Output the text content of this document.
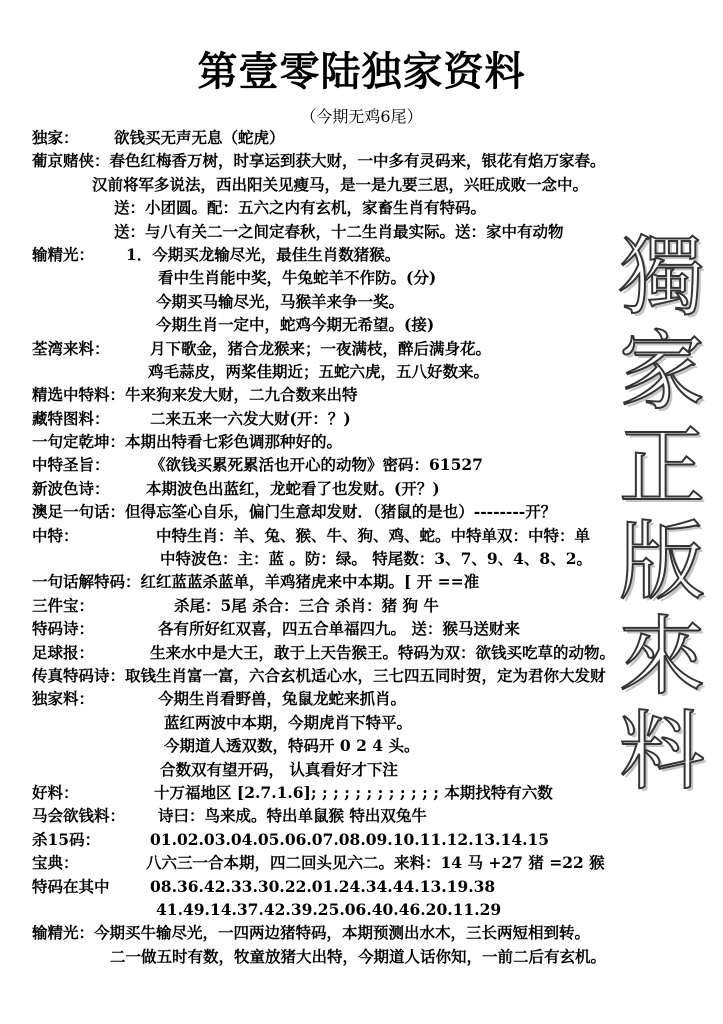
第壹零陆独家资料
（今期无鸡6尾）
独家：	欲钱买无声无息（蛇虎）
葡京赌侠： 春色红梅香万树，时享运到获大财，一中多有灵码来，银花有焰万家春。
汉前将军多说法，西出阳关见瘦马，是一是九要三思，兴旺成败一念中。
送：小团圆。配：五六之内有玄机，家畜生肖有特码。
送：与八有关二一之间定春秋，十二生肖最实际。送：家中有动物
输精光：	1．今期买龙输尽光，最佳生肖数猪猴。
看中生肖能中奖，牛兔蛇羊不作防。(分)
今期买马输尽光，马猴羊来争一奖。
今期生肖一定中，蛇鸡今期无希望。(接)
荃湾来料：	月下歌金，猪合龙猴来；一夜满枝，醉后满身花。
鸡毛蒜皮，两桨佳期近；五蛇六虎，五八好数来。
精选中特料： 牛来狗来发大财，二九合数来出特
藏特图料：	二来五来一六发大财(开：？)
一句定乾坤： 本期出特看七彩色调那种好的。
中特圣旨：	《欲钱买累死累活也开心的动物》密码：61527
新波色诗：	本期波色出蓝红，龙蛇看了也发财。(开？)
澳足一句话： 但得忘筌心自乐，偏门生意却发财．（猪鼠的是也）--------开？
中特：	中特生肖：羊、兔、猴、牛、狗、鸡、蛇。中特单双：中特：单
中特波色：主：蓝 。防：绿。 特尾数：3、7、9、4、8、2。
一句话解特码： 红红蓝蓝杀蓝单，羊鸡猪虎来中本期。[ 开 ==准
三件宝：	杀尾：5尾 杀合：三合 杀肖：猪 狗 牛
特码诗：	各有所好红双喜，四五合单福四九。 送：猴马送财来
足球报：	生来水中是大王，敢于上天告猴王。特码为双：欲钱买吃草的动物。
传真特码诗： 取钱生肖富一富，六合玄机适心水，三七四五同时贺，定为君你大发财
独家料：	今期生肖看野兽，兔鼠龙蛇来抓肖。
蓝红两波中本期，今期虎肖下特平。
今期道人透双数，特码开 0 2 4 头。
合数双有望开码， 认真看好才下注
好料：	十万福地区 [2.7.1.6]; ; ; ; ; ; ; ; ; ; ; ; 本期找特有六数
马会欲钱料：	诗曰：鸟来成。特出单鼠猴 特出双兔牛
杀15码：	01.02.03.04.05.06.07.08.09.10.11.12.13.14.15
宝典：	八六三一合本期，四二回头见六二。来料：14 马 +27 猪 =22 猴
特码在其中	08.36.42.33.30.22.01.24.34.44.13.19.38
41.49.14.37.42.39.25.06.40.46.20.11.29
输精光： 今期买牛输尽光，一四两边猪特码，本期预测出水木，三长两短相到转。
二一做五时有数，牧童放猪大出特，今期道人话你知，一前二后有玄机。
獨
家
正
版
來
料
